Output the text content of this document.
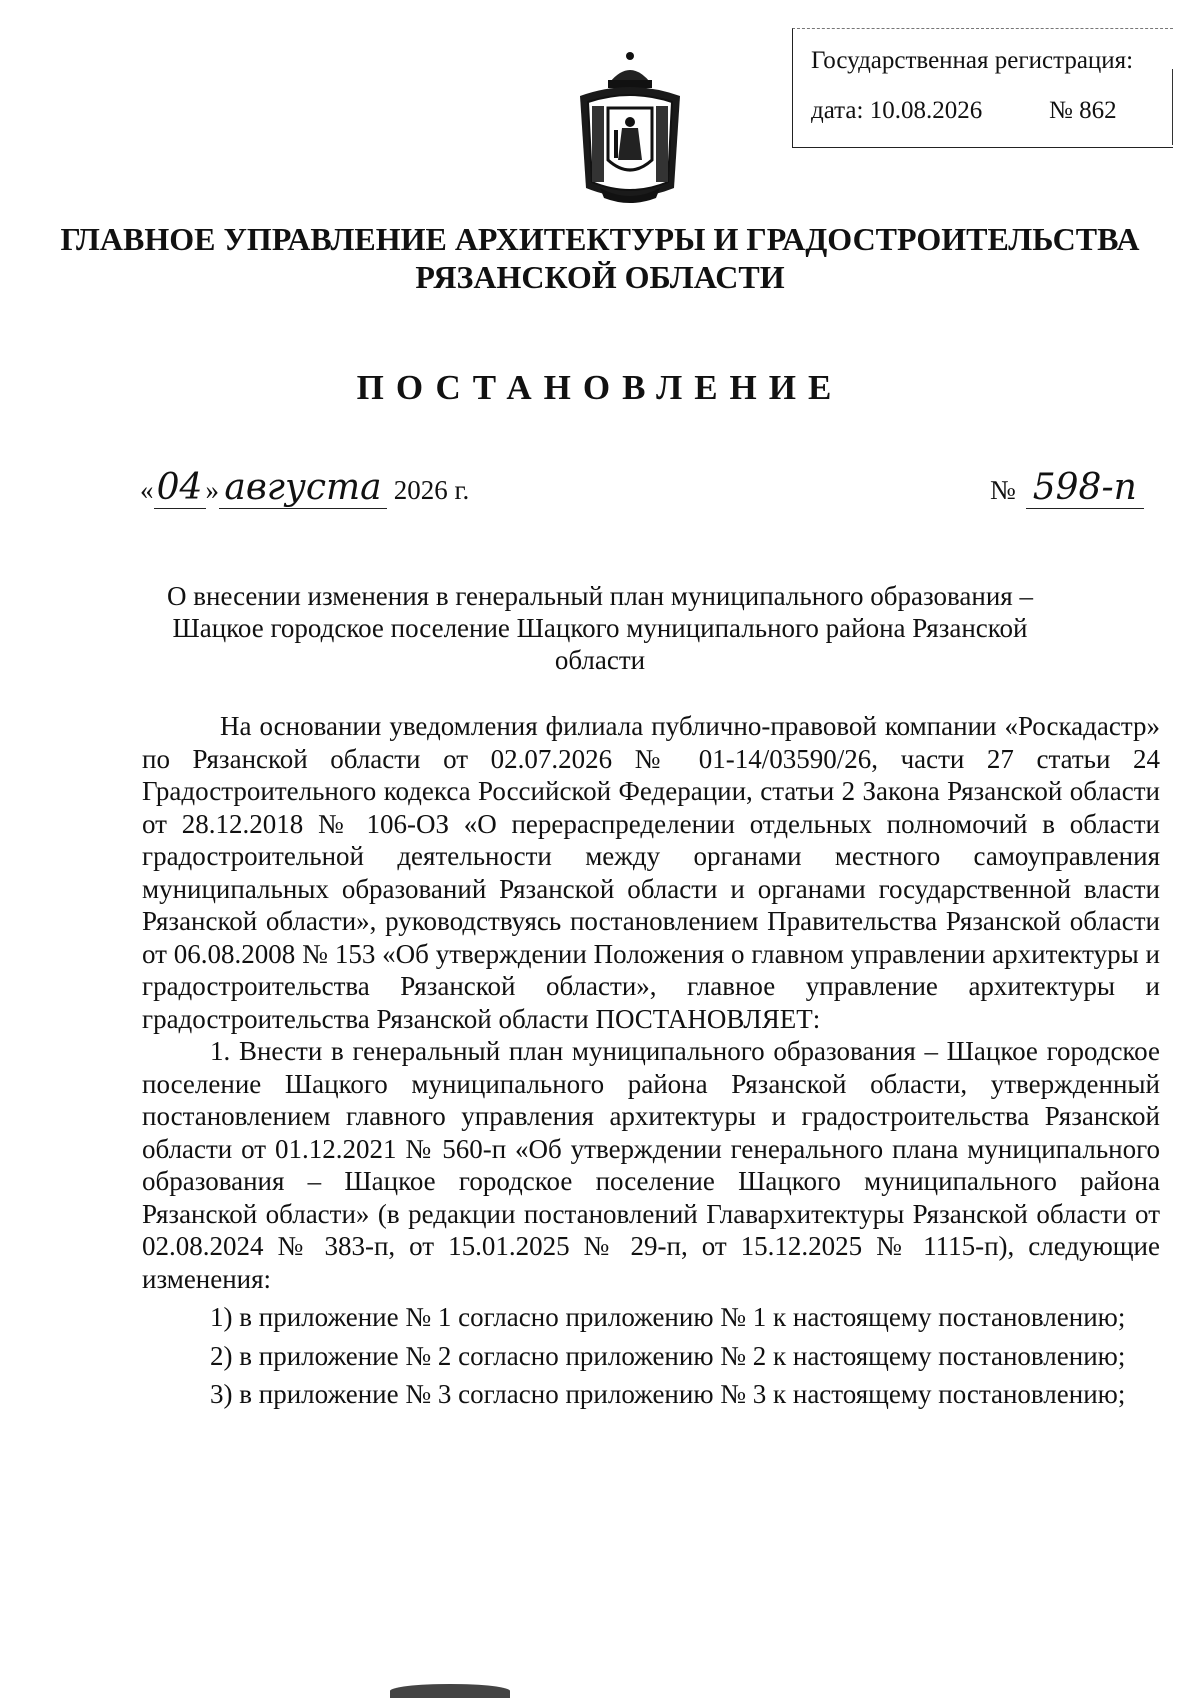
Государственная регистрация:
дата: 10.08.2026	№ 862
ГЛАВНОЕ УПРАВЛЕНИЕ АРХИТЕКТУРЫ И ГРАДОСТРОИТЕЛЬСТВА
РЯЗАНСКОЙ ОБЛАСТИ
ПОСТАНОВЛЕНИЕ
«04 » августа 2026 г.	№ 598-п
О внесении изменения в генеральный план муниципального образования –
Шацкое городское поселение Шацкого муниципального района Рязанской
области

На основании уведомления филиала публично-правовой компании «Роскадастр» по Рязанской области от 02.07.2026 № 01-14/03590/26, части 27 статьи 24 Градостроительного кодекса Российской Федерации, статьи 2 Закона Рязанской области от 28.12.2018 № 106-ОЗ «О перераспределении отдельных полномочий в области градостроительной деятельности между органами местного самоуправления муниципальных образований Рязанской области и органами государственной власти Рязанской области», руководствуясь постановлением Правительства Рязанской области от 06.08.2008 № 153 «Об утверждении Положения о главном управлении архитектуры и градостроительства Рязанской области», главное управление архитектуры и градостроительства Рязанской области ПОСТАНОВЛЯЕТ:

1. Внести в генеральный план муниципального образования – Шацкое городское поселение Шацкого муниципального района Рязанской области, утвержденный постановлением главного управления архитектуры и градостроительства Рязанской области от 01.12.2021 № 560-п «Об утверждении генерального плана муниципального образования – Шацкое городское поселение Шацкого муниципального района Рязанской области» (в редакции постановлений Главархитектуры Рязанской области от 02.08.2024 № 383-п, от 15.01.2025 № 29-п, от 15.12.2025 № 1115-п), следующие изменения:

1) в приложение № 1 согласно приложению № 1 к настоящему постановлению;

2) в приложение № 2 согласно приложению № 2 к настоящему постановлению;

3) в приложение № 3 согласно приложению № 3 к настоящему постановлению;
